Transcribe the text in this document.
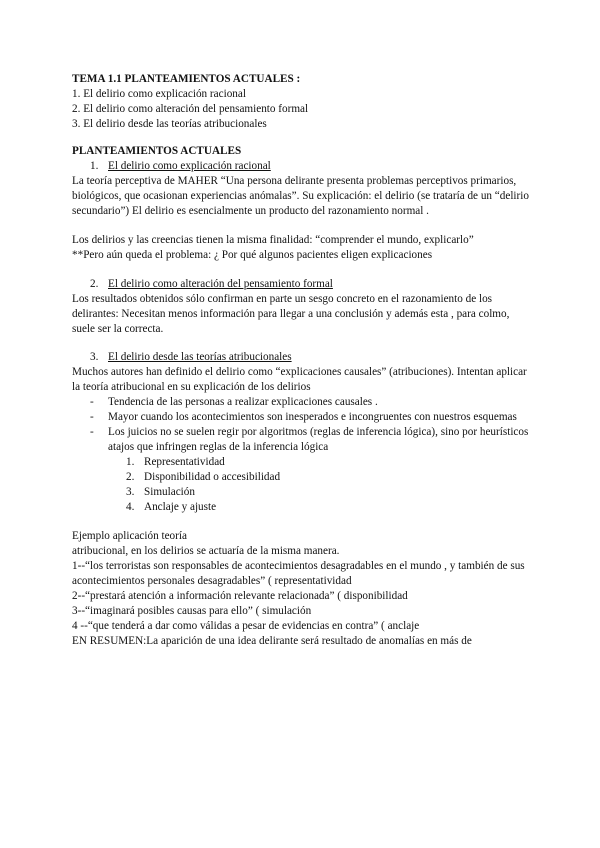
TEMA 1.1 PLANTEAMIENTOS ACTUALES :
1. El delirio como explicación racional
2. El delirio como alteración del pensamiento formal
3. El delirio desde las teorías atribucionales
PLANTEAMIENTOS ACTUALES
1. El delirio como explicación racional
La teoría perceptiva de MAHER “Una persona delirante presenta problemas perceptivos primarios,
biológicos, que ocasionan experiencias anómalas”. Su explicación: el delirio (se trataría de un “delirio
secundario”) El delirio es esencialmente un producto del razonamiento normal .
Los delirios y las creencias tienen la misma finalidad: “comprender el mundo, explicarlo”
**Pero aún queda el problema: ¿ Por qué algunos pacientes eligen explicaciones
2. El delirio como alteración del pensamiento formal
Los resultados obtenidos sólo confirman en parte un sesgo concreto en el razonamiento de los
delirantes: Necesitan menos información para llegar a una conclusión y además esta , para colmo,
suele ser la correcta.
3. El delirio desde las teorías atribucionales
Muchos autores han definido el delirio como “explicaciones causales” (atribuciones). Intentan aplicar
la teoría atribucional en su explicación de los delirios
- Tendencia de las personas a realizar explicaciones causales .
- Mayor cuando los acontecimientos son inesperados e incongruentes con nuestros esquemas
- Los juicios no se suelen regir por algoritmos (reglas de inferencia lógica), sino por heurísticos
atajos que infringen reglas de la inferencia lógica
1. Representatividad
2. Disponibilidad o accesibilidad
3. Simulación
4. Anclaje y ajuste
Ejemplo aplicación teoría
atribucional, en los delirios se actuaría de la misma manera.
1--“los terroristas son responsables de acontecimientos desagradables en el mundo , y también de sus
acontecimientos personales desagradables” ( representatividad
2--“prestará atención a información relevante relacionada” ( disponibilidad
3--“imaginará posibles causas para ello” ( simulación
4 --“que tenderá a dar como válidas a pesar de evidencias en contra” ( anclaje
EN RESUMEN:La aparición de una idea delirante será resultado de anomalías en más de
